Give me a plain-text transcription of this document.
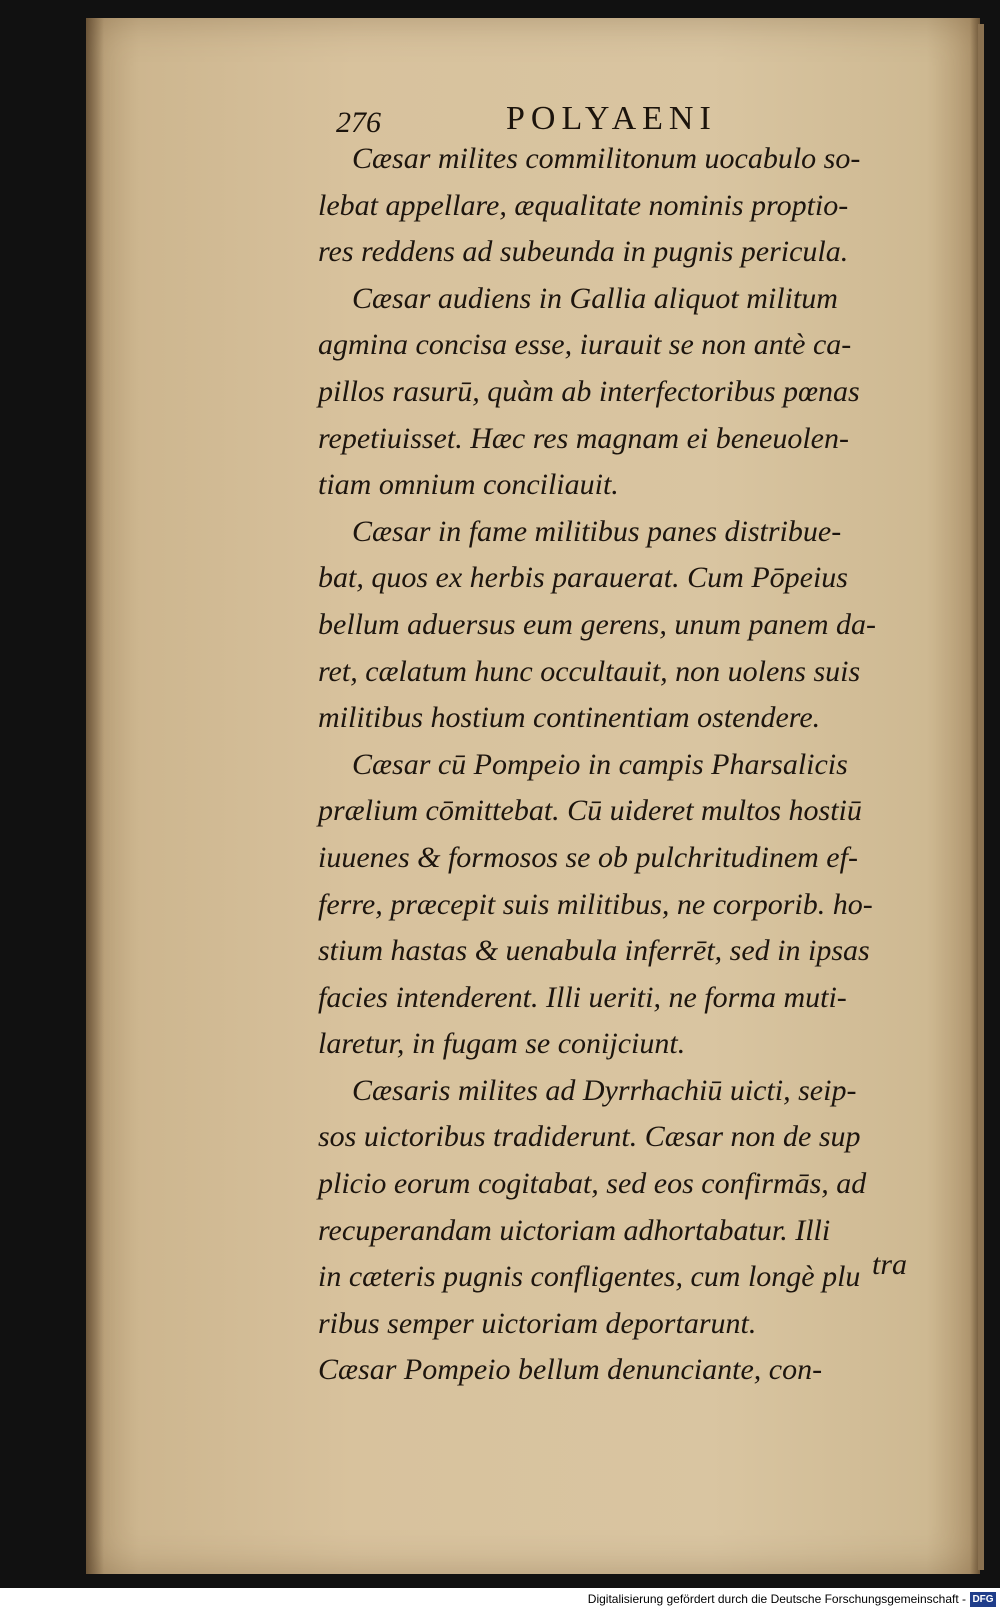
276	POLYAENI
Cæsar milites commilitonum uocabulo so-
lebat appellare, æqualitate nominis proptio-
res reddens ad subeunda in pugnis pericula.
Cæsar audiens in Gallia aliquot militum
agmina concisa esse, iurauit se non antè ca-
pillos rasurū, quàm ab interfectoribus pœnas
repetiuisset. Hæc res magnam ei beneuolen-
tiam omnium conciliauit.
Cæsar in fame militibus panes distribue-
bat, quos ex herbis parauerat. Cum Pōpeius
bellum aduersus eum gerens, unum panem da-
ret, cælatum hunc occultauit, non uolens suis
militibus hostium continentiam ostendere.
Cæsar cū Pompeio in campis Pharsalicis
prælium cōmittebat. Cū uideret multos hostiū
iuuenes & formosos se ob pulchritudinem ef-
ferre, præcepit suis militibus, ne corporib. ho-
stium hastas & uenabula inferrēt, sed in ipsas
facies intenderent. Illi ueriti, ne forma muti-
laretur, in fugam se conijciunt.
Cæsaris milites ad Dyrrhachiū uicti, seip-
sos uictoribus tradiderunt. Cæsar non de sup
plicio eorum cogitabat, sed eos confirmās, ad
recuperandam uictoriam adhortabatur. Illi
in cæteris pugnis confligentes, cum longè plu
ribus semper uictoriam deportarunt.
Cæsar Pompeio bellum denunciante, con-
tra
Digitalisierung gefördert durch die Deutsche Forschungsgemeinschaft - DFG
